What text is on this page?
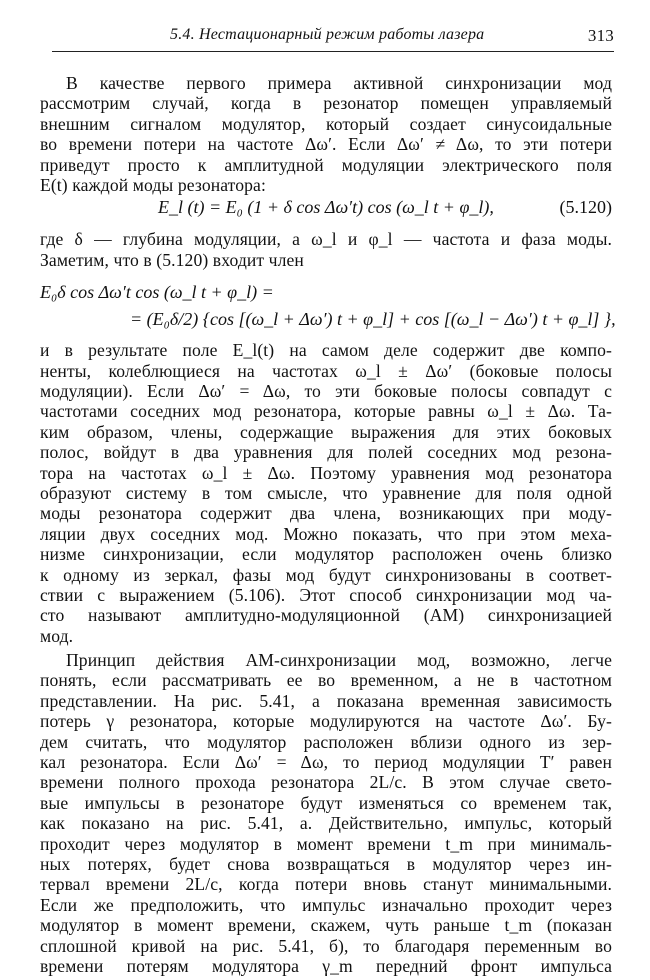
5.4. Нестационарный режим работы лазера	313
В качестве первого примера активной синхронизации мод
рассмотрим случай, когда в резонатор помещен управляемый
внешним сигналом модулятор, который создает синусоидальные
во времени потери на частоте Δω′. Если Δω′ ≠ Δω, то эти потери
приведут просто к амплитудной модуляции электрического поля
E(t) каждой моды резонатора:
E_l (t) = E₀ (1 + δ cos Δω′t) cos (ω_l t + φ_l),	(5.120)
где δ — глубина модуляции, а ω_l и φ_l — частота и фаза моды.
Заметим, что в (5.120) входит член
E₀δ cos Δω′t cos (ω_l t + φ_l) =
= (E₀δ/2) {cos [(ω_l + Δω′) t + φ_l] + cos [(ω_l − Δω′) t + φ_l] },
и в результате поле E_l(t) на самом деле содержит две компо-
ненты, колеблющиеся на частотах ω_l ± Δω′ (боковые полосы
модуляции). Если Δω′ = Δω, то эти боковые полосы совпадут с
частотами соседних мод резонатора, которые равны ω_l ± Δω. Та-
ким образом, члены, содержащие выражения для этих боковых
полос, войдут в два уравнения для полей соседних мод резона-
тора на частотах ω_l ± Δω. Поэтому уравнения мод резонатора
образуют систему в том смысле, что уравнение для поля одной
моды резонатора содержит два члена, возникающих при моду-
ляции двух соседних мод. Можно показать, что при этом меха-
низме синхронизации, если модулятор расположен очень близко
к одному из зеркал, фазы мод будут синхронизованы в соответ-
ствии с выражением (5.106). Этот способ синхронизации мод ча-
сто называют амплитудно-модуляционной (АМ) синхронизацией
мод.
Принцип действия АМ-синхронизации мод, возможно, легче
понять, если рассматривать ее во временном, а не в частотном
представлении. На рис. 5.41, а показана временная зависимость
потерь γ резонатора, которые модулируются на частоте Δω′. Бу-
дем считать, что модулятор расположен вблизи одного из зер-
кал резонатора. Если Δω′ = Δω, то период модуляции T′ равен
времени полного прохода резонатора 2L/c. В этом случае свето-
вые импульсы в резонаторе будут изменяться со временем так,
как показано на рис. 5.41, а. Действительно, импульс, который
проходит через модулятор в момент времени t_m при минималь-
ных потерях, будет снова возвращаться в модулятор через ин-
тервал времени 2L/c, когда потери вновь станут минимальными.
Если же предположить, что импульс изначально проходит через
модулятор в момент времени, скажем, чуть раньше t_m (показан
сплошной кривой на рис. 5.41, б), то благодаря переменным во
времени потерям модулятора γ_m передний фронт импульса
